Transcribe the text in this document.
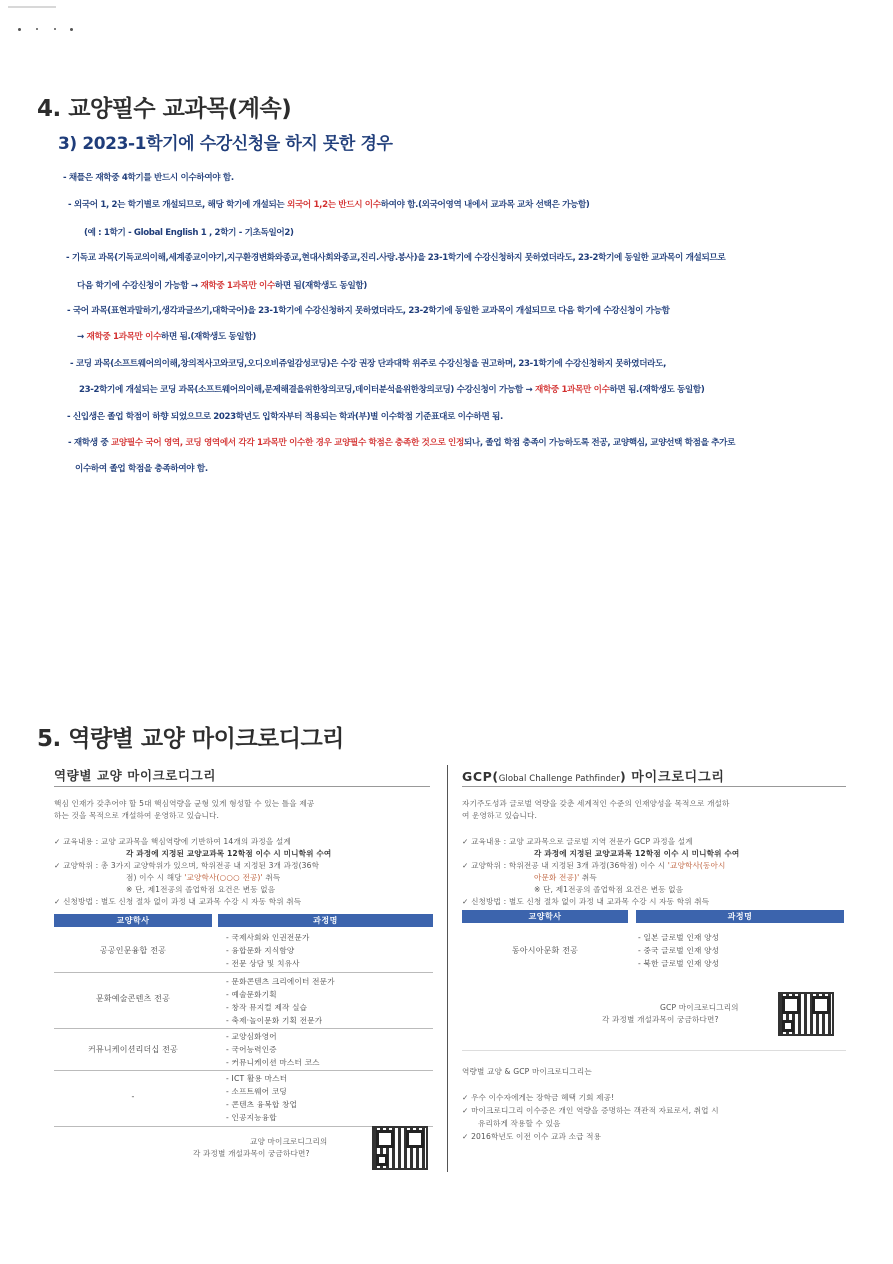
4. 교양필수 교과목(계속)
3) 2023-1학기에 수강신청을 하지 못한 경우
- 채플은 재학중 4학기를 반드시 이수하여야 함.
- 외국어 1, 2는 학기별로 개설되므로, 해당 학기에 개설되는 외국어 1,2는 반드시 이수하여야 함.(외국어영역 내에서 교과목 교차 선택은 가능함)
(예 : 1학기 - Global English 1 , 2학기 - 기초독일어2)
- 기독교 과목(기독교의이해,세계종교이야기,지구환경변화와종교,현대사회와종교,진리.사랑.봉사)을 23-1학기에 수강신청하지 못하였더라도, 23-2학기에 동일한 교과목이 개설되므로
다음 학기에 수강신청이 가능함 → 재학중 1과목만 이수하면 됨(재학생도 동일함)
- 국어 과목(표현과말하기,생각과글쓰기,대학국어)을 23-1학기에 수강신청하지 못하였더라도, 23-2학기에 동일한 교과목이 개설되므로 다음 학기에 수강신청이 가능함
→ 재학중 1과목만 이수하면 됨.(재학생도 동일함)
- 코딩 과목(소프트웨어의이해,창의적사고와코딩,오디오비쥬얼감성코딩)은 수강 권장 단과대학 위주로 수강신청을 권고하며, 23-1학기에 수강신청하지 못하였더라도,
23-2학기에 개설되는 코딩 과목(소프트웨어의이해,문제해결을위한창의코딩,데이터분석을위한창의코딩) 수강신청이 가능함 → 재학중 1과목만 이수하면 됨.(재학생도 동일함)
- 신입생은 졸업 학점이 하향 되었으므로 2023학년도 입학자부터 적용되는 학과(부)별 이수학점 기준표대로 이수하면 됨.
- 재학생 중 교양필수 국어 영역, 코딩 영역에서 각각 1과목만 이수한 경우 교양필수 학점은 충족한 것으로 인정되나, 졸업 학점 충족이 가능하도록 전공, 교양핵심, 교양선택 학점을 추가로
이수하여 졸업 학점을 충족하여야 함.
5. 역량별 교양 마이크로디그리
역량별 교양 마이크로디그리
핵심 인재가 갖추어야 할 5대 핵심역량을 균형 있게 형성할 수 있는 틀을 제공
하는 것을 목적으로 개설하여 운영하고 있습니다.
✓ 교육내용 : 교양 교과목을 핵심역량에 기반하여 14개의 과정을 설계
각 과정에 지정된 교양교과목 12학점 이수 시 미니학위 수여
✓ 교양학위 : 총 3가지 교양학위가 있으며, 학위전공 내 지정된 3개 과정(36학
점) 이수 시 해당 '교양학사(○○○ 전공)' 취득
※ 단, 제1전공의 졸업학점 요건은 변동 없음
✓ 신청방법 : 별도 신청 절차 없이 과정 내 교과목 수강 시 자동 학위 취득
교양학사	과정명
공공인문융합 전공
- 국제사회와 인권전문가
- 융합문화 지식함양
- 전문 상담 및 치유사
문화예술콘텐츠 전공
- 문화콘텐츠 크리에이터 전문가
- 예술문화기획
- 창작 뮤지컬 제작 실습
- 축제·놀이문화 기획 전문가
커뮤니케이션리더십 전공
- 교양심화영어
- 국어능력인증
- 커뮤니케이션 마스터 코스
-
- ICT 활용 마스터
- 소프트웨어 코딩
- 콘텐츠 융복합 창업
- 인공지능융합
교양 마이크로디그리의
각 과정별 개설과목이 궁금하다면?
GCP(Global Challenge Pathfinder) 마이크로디그리
자기주도성과 글로벌 역량을 갖춘 세계적인 수준의 인재양성을 목적으로 개설하
여 운영하고 있습니다.
✓ 교육내용 : 교양 교과목으로 글로벌 지역 전문가 GCP 과정을 설계
각 과정에 지정된 교양교과목 12학점 이수 시 미니학위 수여
✓ 교양학위 : 학위전공 내 지정된 3개 과정(36학점) 이수 시 '교양학사(동아시
아문화 전공)' 취득
※ 단, 제1전공의 졸업학점 요건은 변동 없음
✓ 신청방법 : 별도 신청 절차 없이 과정 내 교과목 수강 시 자동 학위 취득
교양학사	과정명
동아시아문화 전공
- 일본 글로벌 인재 양성
- 중국 글로벌 인재 양성
- 북한 글로벌 인재 양성
GCP 마이크로디그리의
각 과정별 개설과목이 궁금하다면?
역량별 교양 & GCP 마이크로디그리는
✓ 우수 이수자에게는 장학금 혜택 기회 제공!
✓ 마이크로디그리 이수증은 개인 역량을 증명하는 객관적 자료로서, 취업 시
유리하게 작용할 수 있음
✓ 2016학년도 이전 이수 교과 소급 적용
